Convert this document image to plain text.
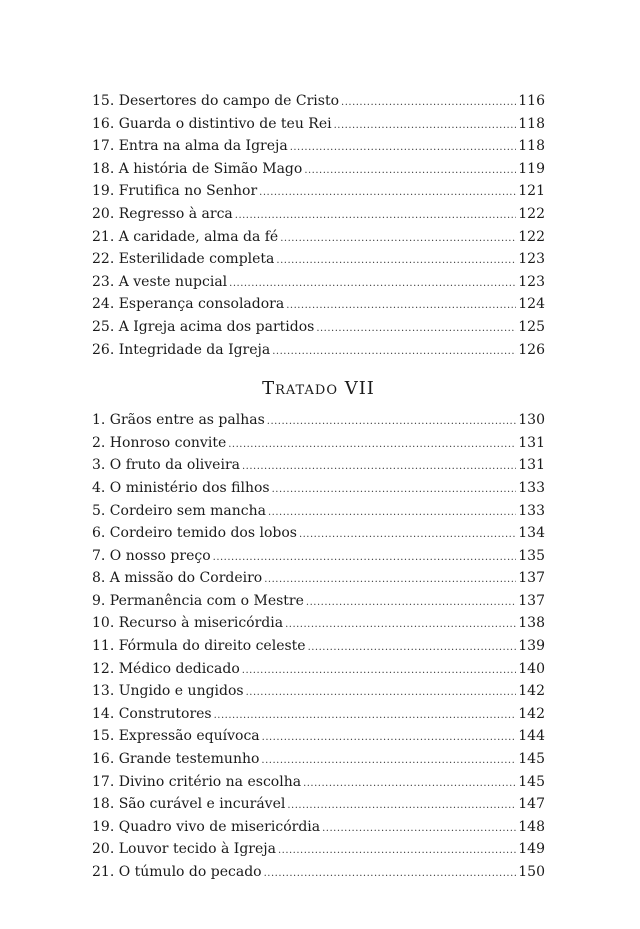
15. Desertores do campo de Cristo .....	116
16. Guarda o distintivo de teu Rei .....	118
17. Entra na alma da Igreja .....	118
18. A história de Simão Mago .....	119
19. Frutifica no Senhor .....	121
20. Regresso à arca .....	122
21. A caridade, alma da fé .....	122
22. Esterilidade completa .....	123
23. A veste nupcial .....	123
24. Esperança consoladora .....	124
25. A Igreja acima dos partidos .....	125
26. Integridade da Igreja .....	126
Tratado VII
1. Grãos entre as palhas .....	130
2. Honroso convite .....	131
3. O fruto da oliveira .....	131
4. O ministério dos filhos .....	133
5. Cordeiro sem mancha .....	133
6. Cordeiro temido dos lobos .....	134
7. O nosso preço .....	135
8. A missão do Cordeiro .....	137
9. Permanência com o Mestre .....	137
10. Recurso à misericórdia .....	138
11. Fórmula do direito celeste .....	139
12. Médico dedicado .....	140
13. Ungido e ungidos .....	142
14. Construtores .....	142
15. Expressão equívoca .....	144
16. Grande testemunho .....	145
17. Divino critério na escolha .....	145
18. São curável e incurável .....	147
19. Quadro vivo de misericórdia .....	148
20. Louvor tecido à Igreja .....	149
21. O túmulo do pecado .....	150
